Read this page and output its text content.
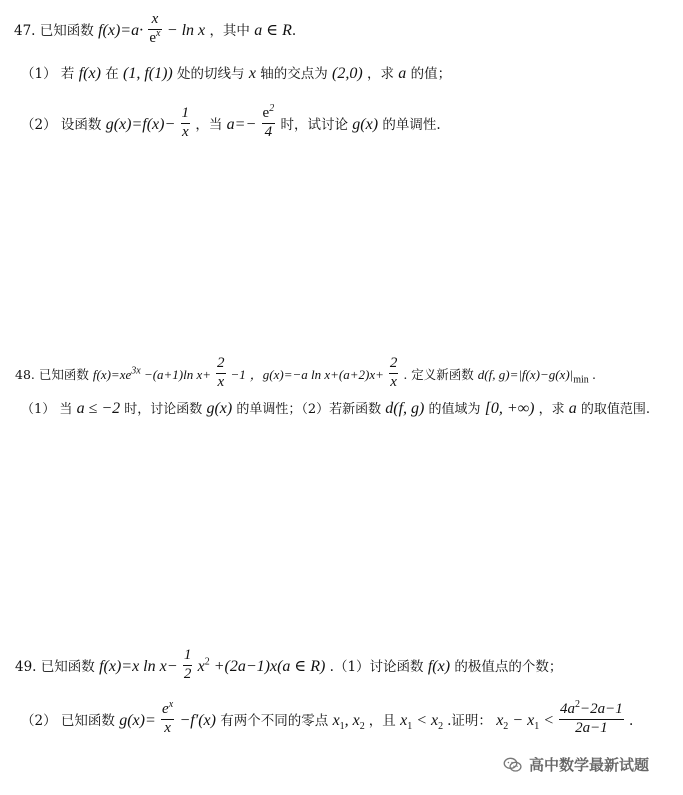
47. 已知函数 $f(x)=a\cdot \frac{x}{e^x} - \ln x$ ，其中 a ∈ R.
（1） 若 f(x) 在 (1, f(1)) 处的切线与 x 轴的交点为 (2,0) ，求 a 的值；
（2） 设函数 $g(x)=f(x)- \frac{1}{x}$ ，当 $a=- \frac{e^2}{4}$ 时，试讨论 g(x) 的单调性.
48. 已知函数 $f(x)=xe^{3x} -(a+1)\ln$ $x+ \frac{2}{x} -1$ ，g(x)=−a $\ln x+(a+2)x+ \frac{2}{x}$ . 定义新函数 d(f, $g)=|f(x)-g(x)|_{min}$ .
（1） 当 a ≤ −2 时，讨论函数 g(x) 的单调性；（2）若新函数 d(f, g) 的值域为 [0, +∞) ，求 a 的取值范围.
49. 已知函数 f(x)=x $\ln x- \frac{1}{2} x^2 +(2a-1)x(a$ ∈ R) .（1）讨论函数 f(x) 的极值点的个数；
（2） 已知函数 $g(x)= \frac{e^x}{x} -f'(x)$ 有两个不同的零点 $x_1$, $x_2$ ，且 $x_1 < x_2$ .证明： $x_2 - x_1 < \frac{4a^2-2a-1}{2a-1}$ .
高中数学最新试题
